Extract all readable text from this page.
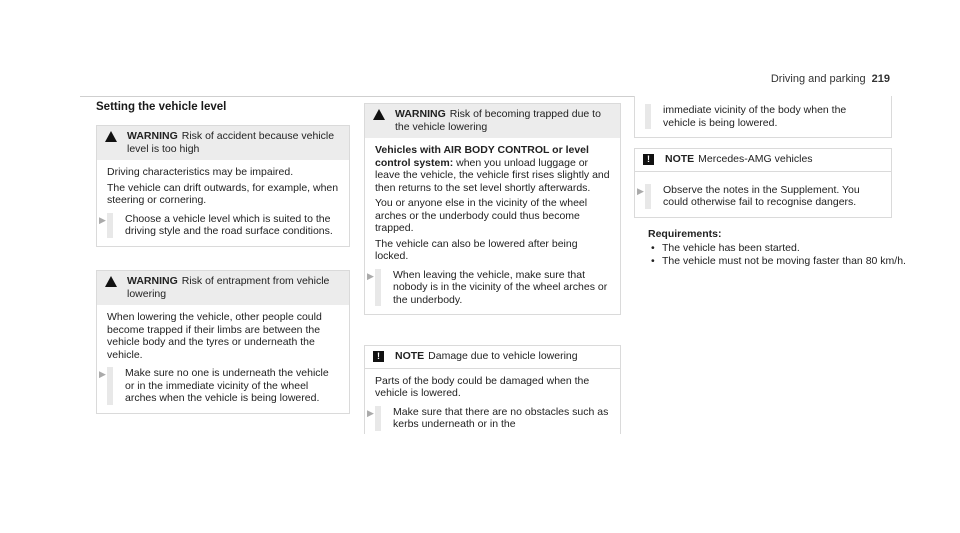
Driving and parking 219
Setting the vehicle level
WARNING Risk of accident because vehicle level is too high

Driving characteristics may be impaired.

The vehicle can drift outwards, for example, when steering or cornering.

▶ Choose a vehicle level which is suited to the driving style and the road surface conditions.
WARNING Risk of entrapment from vehicle lowering

When lowering the vehicle, other people could become trapped if their limbs are between the vehicle body and the tyres or underneath the vehicle.

▶ Make sure no one is underneath the vehicle or in the immediate vicinity of the wheel arches when the vehicle is being lowered.
WARNING Risk of becoming trapped due to the vehicle lowering

Vehicles with AIR BODY CONTROL or level control system: when you unload luggage or leave the vehicle, the vehicle first rises slightly and then returns to the set level shortly afterwards.

You or anyone else in the vicinity of the wheel arches or the underbody could thus become trapped.

The vehicle can also be lowered after being locked.

▶ When leaving the vehicle, make sure that nobody is in the vicinity of the wheel arches or the underbody.
!	NOTE Damage due to vehicle lowering

Parts of the body could be damaged when the vehicle is lowered.

▶ Make sure that there are no obstacles such as kerbs underneath or in the
immediate vicinity of the body when the vehicle is being lowered.
!	NOTE Mercedes-AMG vehicles
▶ Observe the notes in the Supplement. You could otherwise fail to recognise dangers.
Requirements:
• The vehicle has been started.
• The vehicle must not be moving faster than 80 km/h.
